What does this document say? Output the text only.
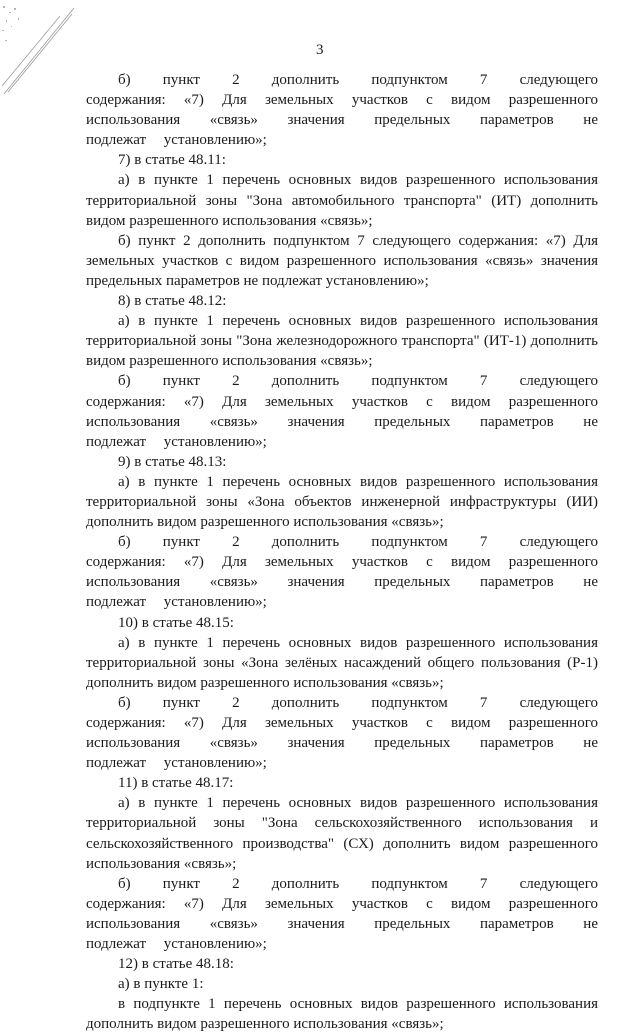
3

б) пункт 2 дополнить подпунктом 7 следующего содержания: «7) Для земельных участков с видом разрешенного использования «связь» значения предельных параметров не подлежат установлению»;

7) в статье 48.11:

а) в пункте 1 перечень основных видов разрешенного использования территориальной зоны "Зона автомобильного транспорта" (ИТ) дополнить видом разрешенного использования «связь»;

б) пункт 2 дополнить подпунктом 7 следующего содержания: «7) Для земельных участков с видом разрешенного использования «связь» значения предельных параметров не подлежат установлению»;

8) в статье 48.12:

а) в пункте 1 перечень основных видов разрешенного использования территориальной зоны "Зона железнодорожного транспорта" (ИТ-1) дополнить видом разрешенного использования «связь»;

б) пункт 2 дополнить подпунктом 7 следующего содержания: «7) Для земельных участков с видом разрешенного использования «связь» значения предельных параметров не подлежат установлению»;

9) в статье 48.13:

а) в пункте 1 перечень основных видов разрешенного использования территориальной зоны «Зона объектов инженерной инфраструктуры (ИИ) дополнить видом разрешенного использования «связь»;

б) пункт 2 дополнить подпунктом 7 следующего содержания: «7) Для земельных участков с видом разрешенного использования «связь» значения предельных параметров не подлежат установлению»;

10) в статье 48.15:

а) в пункте 1 перечень основных видов разрешенного использования территориальной зоны «Зона зелёных насаждений общего пользования (Р-1) дополнить видом разрешенного использования «связь»;

б) пункт 2 дополнить подпунктом 7 следующего содержания: «7) Для земельных участков с видом разрешенного использования «связь» значения предельных параметров не подлежат установлению»;

11) в статье 48.17:

а) в пункте 1 перечень основных видов разрешенного использования территориальной зоны "Зона сельскохозяйственного использования и сельскохозяйственного производства" (СХ) дополнить видом разрешенного использования «связь»;

б) пункт 2 дополнить подпунктом 7 следующего содержания: «7) Для земельных участков с видом разрешенного использования «связь» значения предельных параметров не подлежат установлению»;

12) в статье 48.18:

а) в пункте 1:

в подпункте 1 перечень основных видов разрешенного использования дополнить видом разрешенного использования «связь»;
